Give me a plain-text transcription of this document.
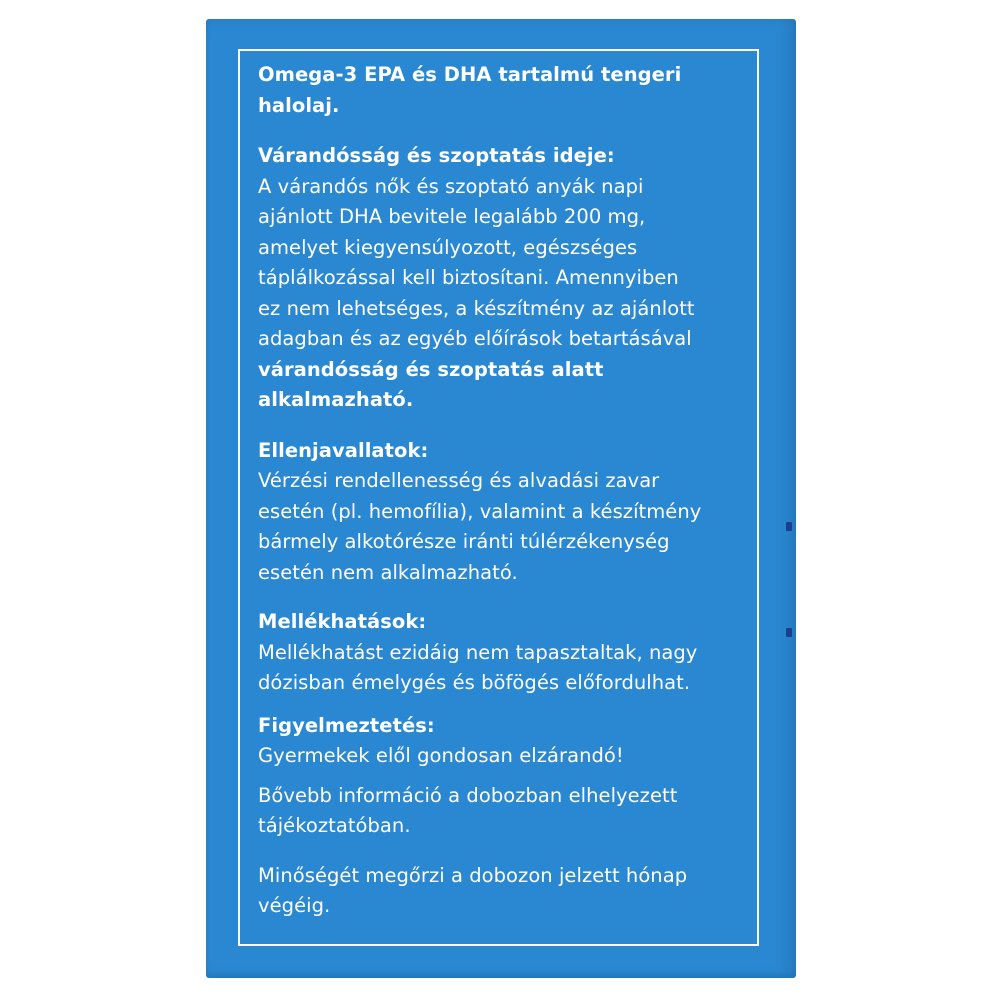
Omega-3 EPA és DHA tartalmú tengeri

halolaj.

Várandósság és szoptatás ideje:

A várandós nők és szoptató anyák napi

ajánlott DHA bevitele legalább 200 mg,

amelyet kiegyensúlyozott, egészséges

táplálkozással kell biztosítani. Amennyiben

ez nem lehetséges, a készítmény az ajánlott

adagban és az egyéb előírások betartásával

várandósság és szoptatás alatt

alkalmazható.

Ellenjavallatok:

Vérzési rendellenesség és alvadási zavar

esetén (pl. hemofília), valamint a készítmény

bármely alkotórésze iránti túlérzékenység

esetén nem alkalmazható.

Mellékhatások:

Mellékhatást ezidáig nem tapasztaltak, nagy

dózisban émelygés és böfögés előfordulhat.

Figyelmeztetés:

Gyermekek elől gondosan elzárandó!

Bővebb információ a dobozban elhelyezett

tájékoztatóban.

Minőségét megőrzi a dobozon jelzett hónap

végéig.
